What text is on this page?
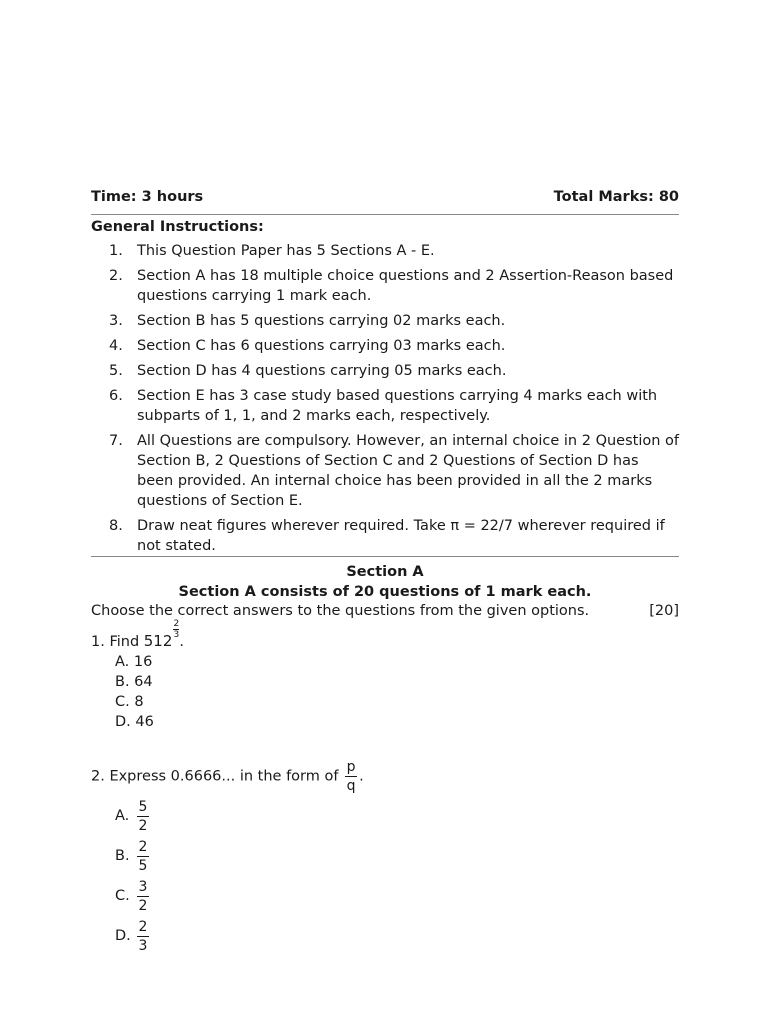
Time: 3 hours	Total Marks: 80
General Instructions:
1. This Question Paper has 5 Sections A - E.
2. Section A has 18 multiple choice questions and 2 Assertion-Reason based questions carrying 1 mark each.
3. Section B has 5 questions carrying 02 marks each.
4. Section C has 6 questions carrying 03 marks each.
5. Section D has 4 questions carrying 05 marks each.
6. Section E has 3 case study based questions carrying 4 marks each with subparts of 1, 1, and 2 marks each, respectively.
7. All Questions are compulsory. However, an internal choice in 2 Question of Section B, 2 Questions of Section C and 2 Questions of Section D has been provided. An internal choice has been provided in all the 2 marks questions of Section E.
8. Draw neat figures wherever required. Take π = 22/7 wherever required if not stated.
Section A
Section A consists of 20 questions of 1 mark each.
Choose the correct answers to the questions from the given options.	[20]
1. Find 512
$\frac{2}{3}$
.
A. 16
B. 64
C. 8
D. 46
2. Express 0.6666... in the form of $\frac{p}{q}$ .
A. $\frac{5}{2}$
B. $\frac{2}{5}$
C. $\frac{3}{2}$
D. $\frac{2}{3}$
